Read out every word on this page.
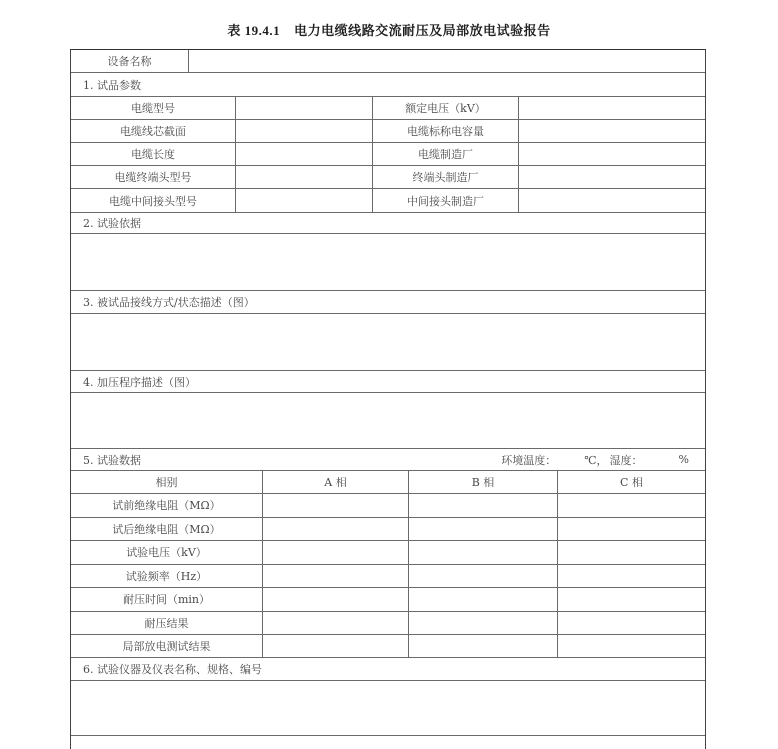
表 19.4.1 电力电缆线路交流耐压及局部放电试验报告
设备名称
1. 试品参数
电缆型号	额定电压（kV）
电缆线芯截面	电缆标称电容量
电缆长度	电缆制造厂
电缆终端头型号	终端头制造厂
电缆中间接头型号	中间接头制造厂
2. 试验依据
3. 被试品接线方式/状态描述（图）
4. 加压程序描述（图）
5. 试验数据	环境温度：	℃， 湿度：	%
相别	A 相	B 相	C 相
试前绝缘电阻（MΩ）
试后绝缘电阻（MΩ）
试验电压（kV）
试验频率（Hz）
耐压时间（min）
耐压结果
局部放电测试结果
6. 试验仪器及仪表名称、规格、编号
